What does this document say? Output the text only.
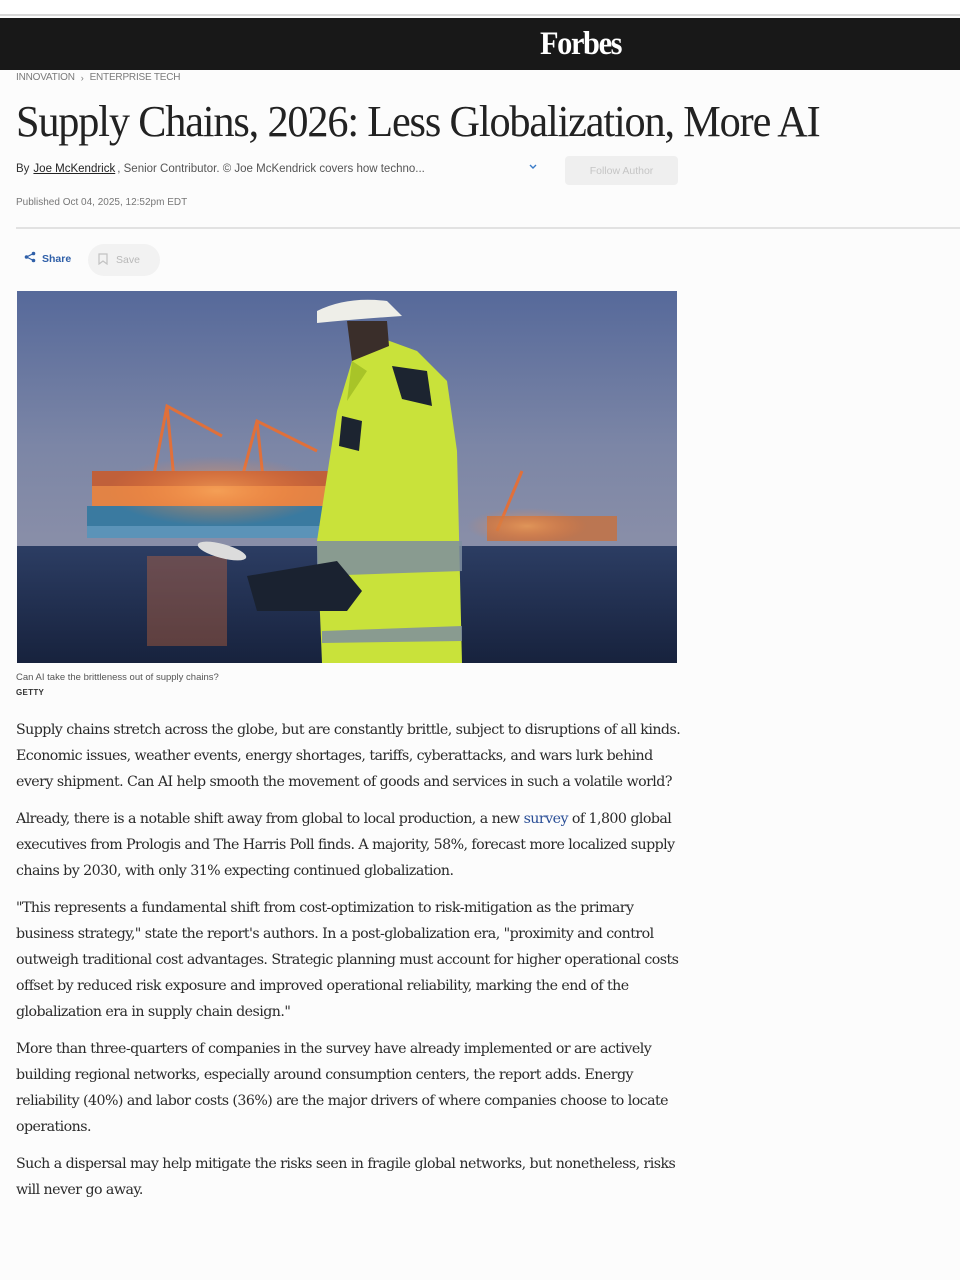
Forbes
INNOVATION › ENTERPRISE TECH
Supply Chains, 2026: Less Globalization, More AI
By Joe McKendrick , Senior Contributor. © Joe McKendrick covers how techno...	Follow Author
Published Oct 04, 2025, 12:52pm EDT
Share	Save
Can AI take the brittleness out of supply chains?
GETTY

Supply chains stretch across the globe, but are constantly brittle, subject to disruptions of all kinds. Economic issues, weather events, energy shortages, tariffs, cyberattacks, and wars lurk behind every shipment. Can AI help smooth the movement of goods and services in such a volatile world?

Already, there is a notable shift away from global to local production, a new survey of 1,800 global executives from Prologis and The Harris Poll finds. A majority, 58%, forecast more localized supply chains by 2030, with only 31% expecting continued globalization.

"This represents a fundamental shift from cost-optimization to risk-mitigation as the primary business strategy," state the report's authors. In a post-globalization era, "proximity and control outweigh traditional cost advantages. Strategic planning must account for higher operational costs offset by reduced risk exposure and improved operational reliability, marking the end of the globalization era in supply chain design."

More than three-quarters of companies in the survey have already implemented or are actively building regional networks, especially around consumption centers, the report adds. Energy reliability (40%) and labor costs (36%) are the major drivers of where companies choose to locate operations.

Such a dispersal may help mitigate the risks seen in fragile global networks, but nonetheless, risks will never go away.
